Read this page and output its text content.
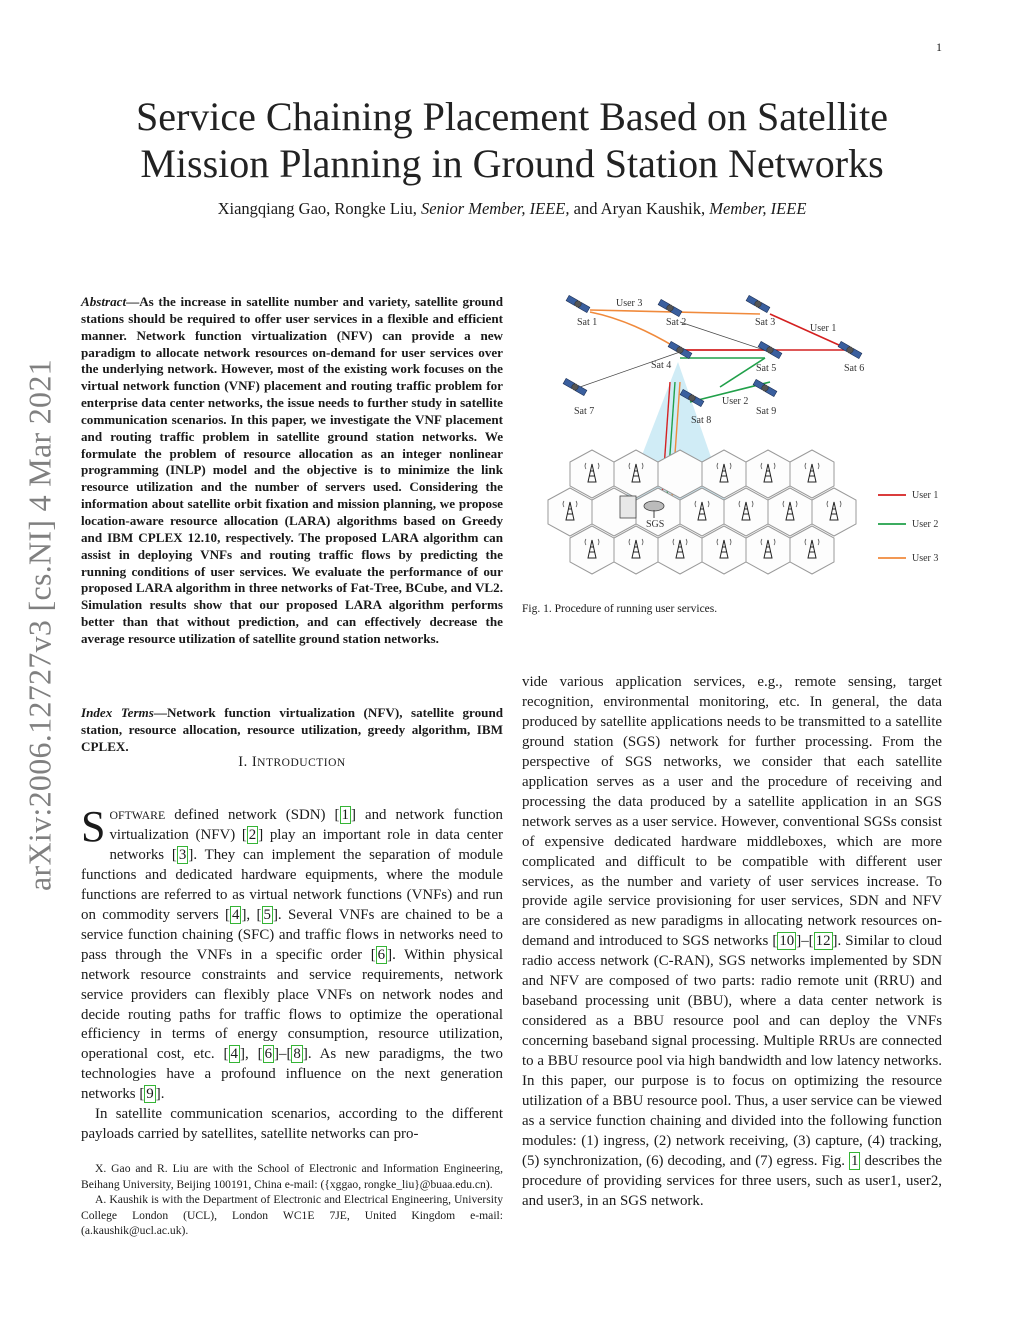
1
Service Chaining Placement Based on Satellite
Mission Planning in Ground Station Networks
Xiangqiang Gao, Rongke Liu, Senior Member, IEEE, and Aryan Kaushik, Member, IEEE
arXiv:2006.12727v3 [cs.NI] 4 Mar 2021
Abstract—As the increase in satellite number and variety, satellite ground stations should be required to offer user services in a flexible and efficient manner. Network function virtualization (NFV) can provide a new paradigm to allocate network resources on-demand for user services over the underlying network. However, most of the existing work focuses on the virtual network function (VNF) placement and routing traffic problem for enterprise data center networks, the issue needs to further study in satellite communication scenarios. In this paper, we investigate the VNF placement and routing traffic problem in satellite ground station networks. We formulate the problem of resource allocation as an integer nonlinear programming (INLP) model and the objective is to minimize the link resource utilization and the number of servers used. Considering the information about satellite orbit fixation and mission planning, we propose location-aware resource allocation (LARA) algorithms based on Greedy and IBM CPLEX 12.10, respectively. The proposed LARA algorithm can assist in deploying VNFs and routing traffic flows by predicting the running conditions of user services. We evaluate the performance of our proposed LARA algorithm in three networks of Fat-Tree, BCube, and VL2. Simulation results show that our proposed LARA algorithm performs better than that without prediction, and can effectively decrease the average resource utilization of satellite ground station networks.
Index Terms—Network function virtualization (NFV), satellite ground station, resource allocation, resource utilization, greedy algorithm, IBM CPLEX.
I. INTRODUCTION
SOFTWARE defined network (SDN) [ 1 ] and network function virtualization (NFV) [ 2 ] play an important role in data center networks [ 3 ]. They can implement the separation of module functions and dedicated hardware equipments, where the module functions are referred to as virtual network functions (VNFs) and run on commodity servers [ 4 ], [ 5 ]. Several VNFs are chained to be a service function chaining (SFC) and traffic flows in networks need to pass through the VNFs in a specific order [ 6 ]. Within physical network resource constraints and service requirements, network service providers can flexibly place VNFs on network nodes and decide routing paths for traffic flows to optimize the operational efficiency in terms of energy consumption, resource utilization, operational cost, etc. [ 4 ], [ 6 ]–[ 8 ]. As new paradigms, the two technologies have a profound influence on the next generation networks [ 9 ].
In satellite communication scenarios, according to the different payloads carried by satellites, satellite networks can pro-

X. Gao and R. Liu are with the School of Electronic and Information Engineering, Beihang University, Beijing 100191, China e-mail: ({xggao, rongke_liu}@buaa.edu.cn).

A. Kaushik is with the Department of Electronic and Electrical Engineering, University College London (UCL), London WC1E 7JE, United Kingdom e-mail: (a.kaushik@ucl.ac.uk).

Sat 1	Sat 2	Sat 3
Sat 4	Sat 5	Sat 6
Sat 7
Sat 8
Sat 9
User 3
User 1
User 2
SGS
User 1
User 2
User 3
Fig. 1. Procedure of running user services.
vide various application services, e.g., remote sensing, target recognition, environmental monitoring, etc. In general, the data produced by satellite applications needs to be transmitted to a satellite ground station (SGS) network for further processing. From the perspective of SGS networks, we consider that each satellite application serves as a user and the procedure of receiving and processing the data produced by a satellite application in an SGS network serves as a user service. However, conventional SGSs consist of expensive dedicated hardware middleboxes, which are more complicated and difficult to be compatible with different user services, as the number and variety of user services increase. To provide agile service provisioning for user services, SDN and NFV are considered as new paradigms in allocating network resources on-demand and introduced to SGS networks [ 10 ]–[ 12 ]. Similar to cloud radio access network (C-RAN), SGS networks implemented by SDN and NFV are composed of two parts: radio remote unit (RRU) and baseband processing unit (BBU), where a data center network is considered as a BBU resource pool and can deploy the VNFs concerning baseband signal processing. Multiple RRUs are connected to a BBU resource pool via high bandwidth and low latency networks. In this paper, our purpose is to focus on optimizing the resource utilization of a BBU resource pool. Thus, a user service can be viewed as a service function chaining and divided into the following function modules: (1) ingress, (2) network receiving, (3) capture, (4) tracking, (5) synchronization, (6) decoding, and (7) egress. Fig. 1 describes the procedure of providing services for three users, such as user1, user2, and user3, in an SGS network.
